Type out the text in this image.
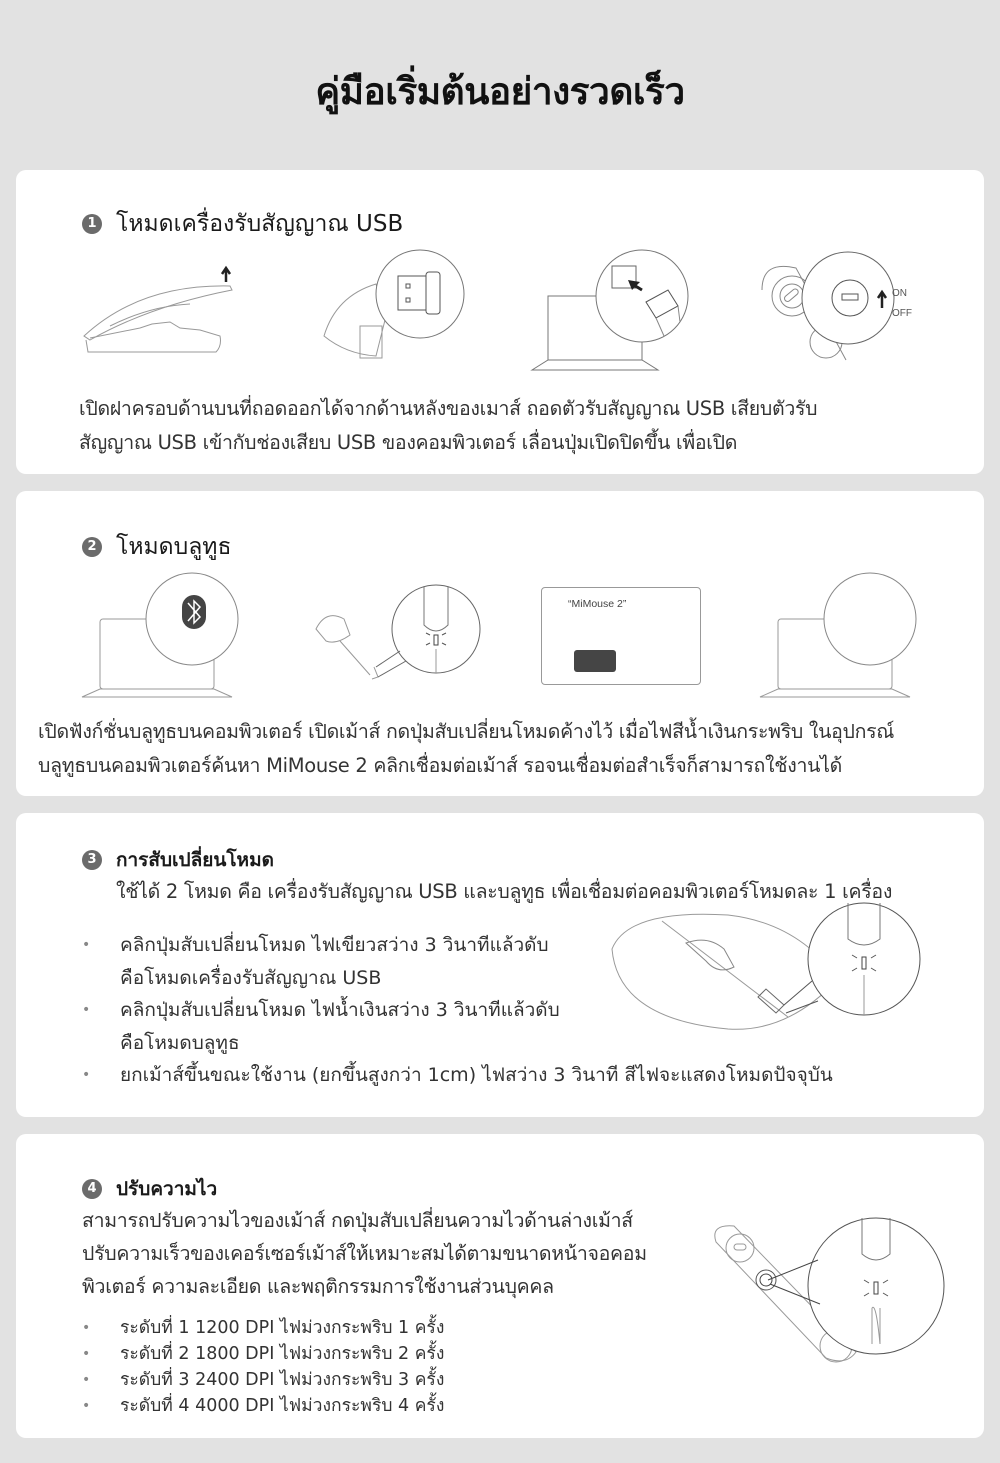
คู่มือเริ่มต้นอย่างรวดเร็ว
1 โหมดเครื่องรับสัญญาณ USB
ON
OFF
เปิดฝาครอบด้านบนที่ถอดออกได้จากด้านหลังของเมาส์ ถอดตัวรับสัญญาณ USB เสียบตัวรับ
สัญญาณ USB เข้ากับช่องเสียบ USB ของคอมพิวเตอร์ เลื่อนปุ่มเปิดปิดขึ้น เพื่อเปิด
2 โหมดบลูทูธ
“MiMouse 2”
เปิดฟังก์ชั่นบลูทูธบนคอมพิวเตอร์ เปิดเม้าส์ กดปุ่มสับเปลี่ยนโหมดค้างไว้ เมื่อไฟสีน้ำเงินกระพริบ ในอุปกรณ์
บลูทูธบนคอมพิวเตอร์ค้นหา MiMouse 2 คลิกเชื่อมต่อเม้าส์ รอจนเชื่อมต่อสำเร็จก็สามารถใช้งานได้
3 การสับเปลี่ยนโหมด
ใช้ได้ 2 โหมด คือ เครื่องรับสัญญาณ USB และบลูทูธ เพื่อเชื่อมต่อคอมพิวเตอร์โหมดละ 1 เครื่อง
• คลิกปุ่มสับเปลี่ยนโหมด ไฟเขียวสว่าง 3 วินาทีแล้วดับ
คือโหมดเครื่องรับสัญญาณ USB
• คลิกปุ่มสับเปลี่ยนโหมด ไฟน้ำเงินสว่าง 3 วินาทีแล้วดับ
คือโหมดบลูทูธ
• ยกเม้าส์ขึ้นขณะใช้งาน (ยกขึ้นสูงกว่า 1cm) ไฟสว่าง 3 วินาที สีไฟจะแสดงโหมดปัจจุบัน
4 ปรับความไว
สามารถปรับความไวของเม้าส์ กดปุ่มสับเปลี่ยนความไวด้านล่างเม้าส์
ปรับความเร็วของเคอร์เซอร์เม้าส์ให้เหมาะสมได้ตามขนาดหน้าจอคอม
พิวเตอร์ ความละเอียด และพฤติกรรมการใช้งานส่วนบุคคล
• ระดับที่ 1 1200 DPI ไฟม่วงกระพริบ 1 ครั้ง
• ระดับที่ 2 1800 DPI ไฟม่วงกระพริบ 2 ครั้ง
• ระดับที่ 3 2400 DPI ไฟม่วงกระพริบ 3 ครั้ง
• ระดับที่ 4 4000 DPI ไฟม่วงกระพริบ 4 ครั้ง
